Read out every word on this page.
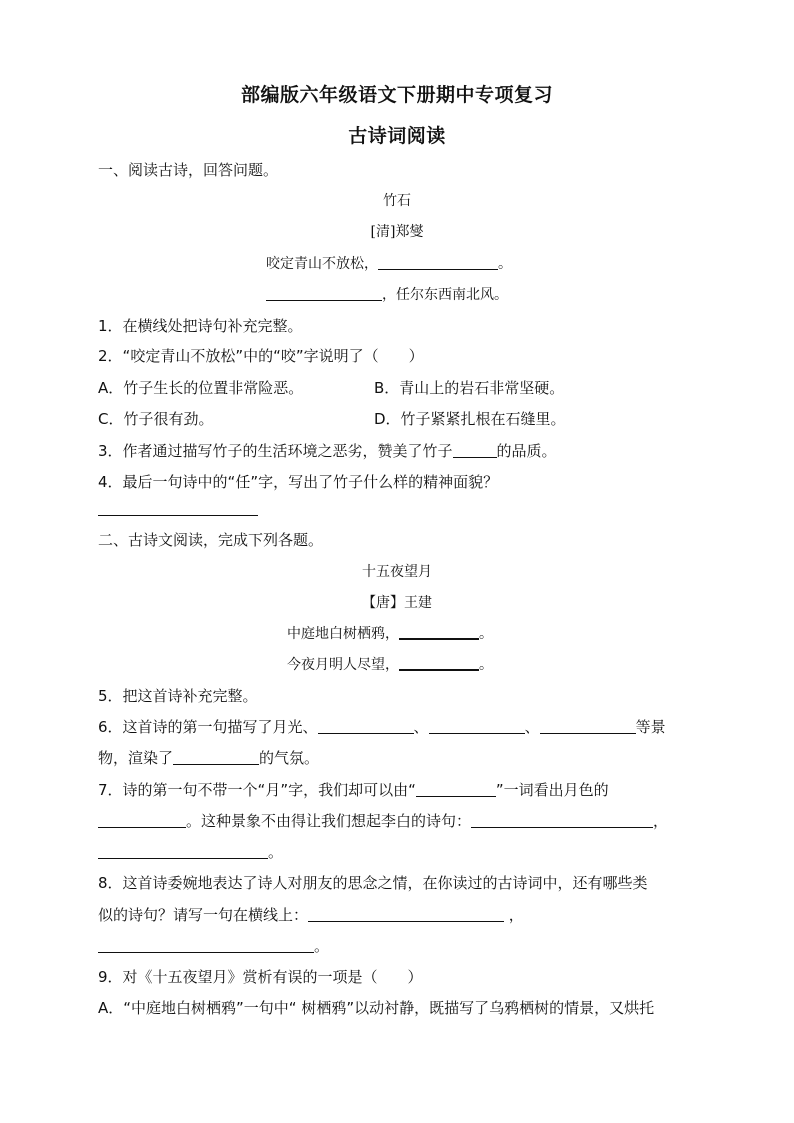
部编版六年级语文下册期中专项复习
古诗词阅读
一、阅读古诗，回答问题。
竹石
[清]郑燮
咬定青山不放松，	。
，任尔东西南北风。
1．在横线处把诗句补充完整。
2．“咬定青山不放松”中的“咬”字说明了（　　）
A．竹子生长的位置非常险恶。	B．青山上的岩石非常坚硬。
C．竹子很有劲。	D．竹子紧紧扎根在石缝里。
3．作者通过描写竹子的生活环境之恶劣，赞美了竹子	的品质。
4．最后一句诗中的“任”字，写出了竹子什么样的精神面貌？
二、古诗文阅读，完成下列各题。
十五夜望月
【唐】王建
中庭地白树栖鸦，	。
今夜月明人尽望，	。
5．把这首诗补充完整。
6．这首诗的第一句描写了月光、	、	、	等景
物，渲染了	的气氛。
7．诗的第一句不带一个“月”字，我们却可以由“	”一词看出月色的
。这种景象不由得让我们想起李白的诗句：	，
。
8．这首诗委婉地表达了诗人对朋友的思念之情，在你读过的古诗词中，还有哪些类
似的诗句？请写一句在横线上：	，
。
9．对《十五夜望月》赏析有误的一项是（　　）
A．“中庭地白树栖鸦”一句中“ 树栖鸦”以动衬静，既描写了乌鸦栖树的情景，又烘托
